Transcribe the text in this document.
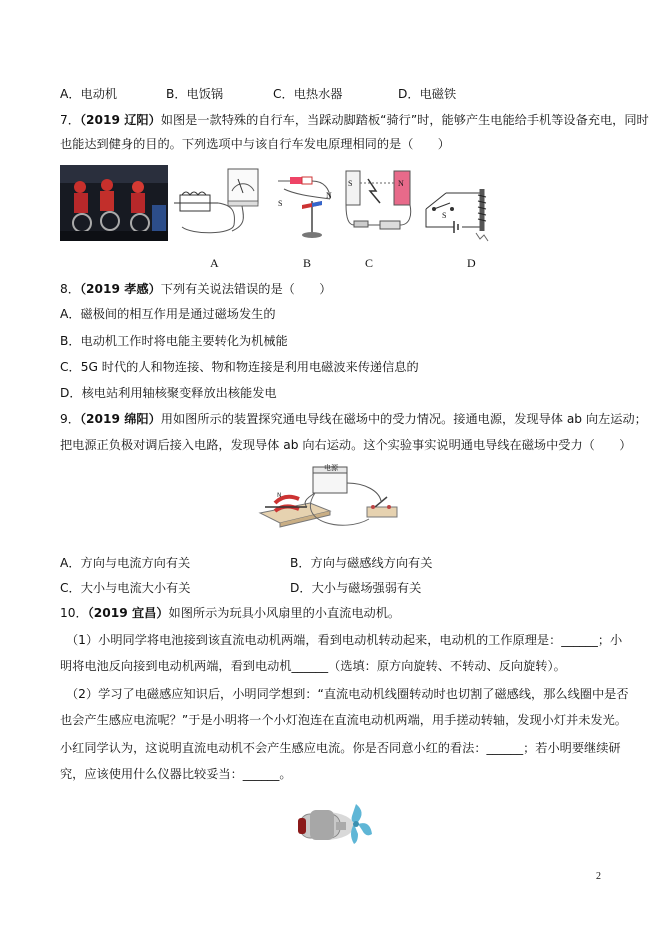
A．电动机	B．电饭锅	C．电热水器	D．电磁铁
7．（2019 辽阳）如图是一款特殊的自行车，当踩动脚踏板“骑行”时，能够产生电能给手机等设备充电，同时
也能达到健身的目的。下列选项中与该自行车发电原理相同的是（　　）
S
N
S	N
S
A	B	C	D
8．（2019 孝感）下列有关说法错误的是（　　）
A．磁极间的相互作用是通过磁场发生的
B．电动机工作时将电能主要转化为机械能
C．5G 时代的人和物连接、物和物连接是利用电磁波来传递信息的
D．核电站利用轴核聚变释放出核能发电
9．（2019 绵阳）用如图所示的装置探究通电导线在磁场中的受力情况。接通电源，发现导体 ab 向左运动；
把电源正负极对调后接入电路，发现导体 ab 向右运动。这个实验事实说明通电导线在磁场中受力（　　）
N
电源
A．方向与电流方向有关	B．方向与磁感线方向有关
C．大小与电流大小有关	D．大小与磁场强弱有关
10．（2019 宜昌）如图所示为玩具小风扇里的小直流电动机。
（1）小明同学将电池接到该直流电动机两端，看到电动机转动起来，电动机的工作原理是：______；小
明将电池反向接到电动机两端，看到电动机______（选填：原方向旋转、不转动、反向旋转）。
（2）学习了电磁感应知识后，小明同学想到：“直流电动机线圈转动时也切割了磁感线，那么线圈中是否
也会产生感应电流呢？”于是小明将一个小灯泡连在直流电动机两端，用手搓动转轴，发现小灯并未发光。
小红同学认为，这说明直流电动机不会产生感应电流。你是否同意小红的看法：______；若小明要继续研
究，应该使用什么仪器比较妥当：______。
2
